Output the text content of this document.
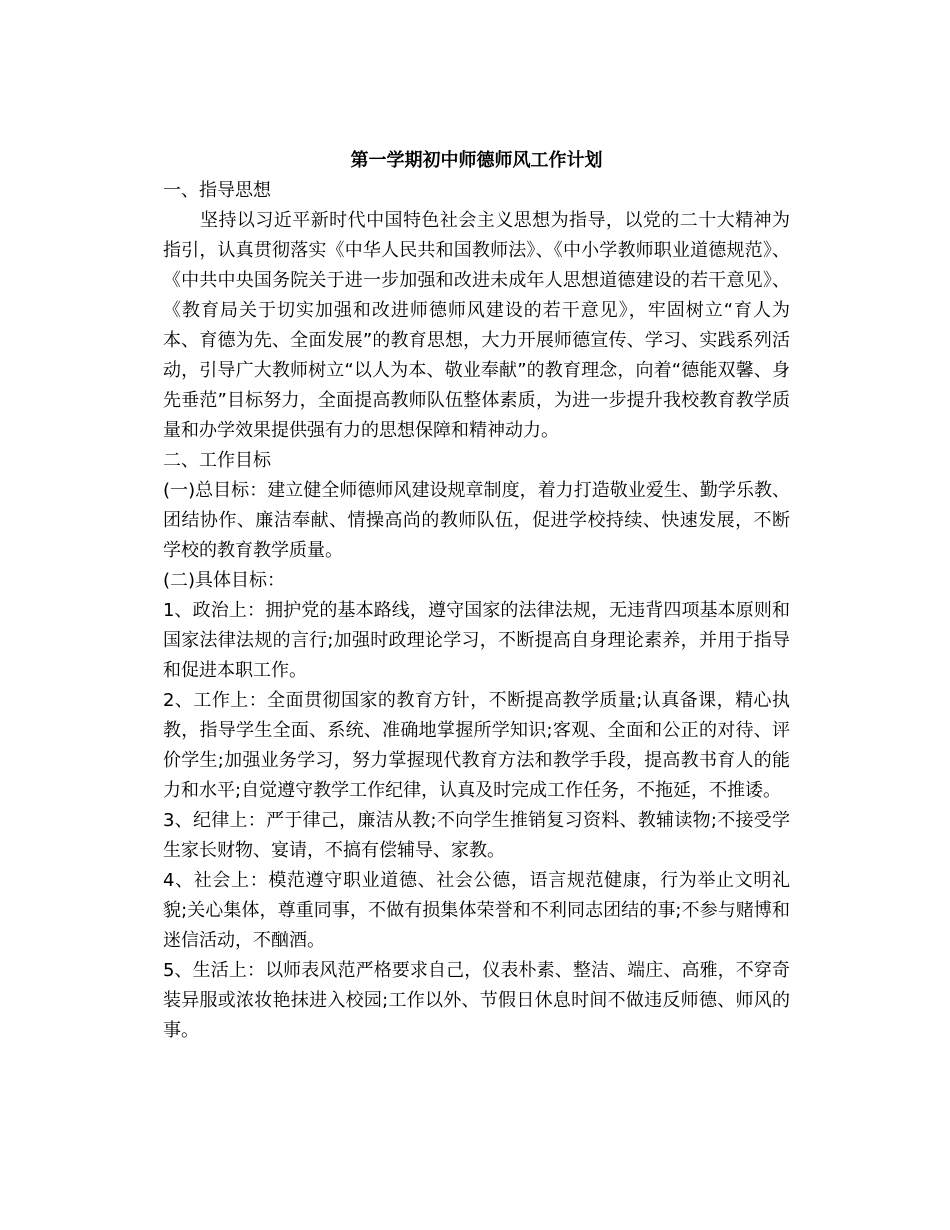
第一学期初中师德师风工作计划

一、指导思想

坚持以习近平新时代中国特色社会主义思想为指导，以党的二十大精神为指引，认真贯彻落实《中华人民共和国教师法》、《中小学教师职业道德规范》、《中共中央国务院关于进一步加强和改进未成年人思想道德建设的若干意见》、《教育局关于切实加强和改进师德师风建设的若干意见》，牢固树立“育人为本、育德为先、全面发展”的教育思想，大力开展师德宣传、学习、实践系列活动，引导广大教师树立“以人为本、敬业奉献”的教育理念，向着“德能双馨、身先垂范”目标努力，全面提高教师队伍整体素质，为进一步提升我校教育教学质量和办学效果提供强有力的思想保障和精神动力。

二、工作目标

(一)总目标：建立健全师德师风建设规章制度，着力打造敬业爱生、勤学乐教、团结协作、廉洁奉献、情操高尚的教师队伍，促进学校持续、快速发展，不断学校的教育教学质量。

(二)具体目标：

1、政治上：拥护党的基本路线，遵守国家的法律法规，无违背四项基本原则和国家法律法规的言行;加强时政理论学习，不断提高自身理论素养，并用于指导和促进本职工作。

2、工作上：全面贯彻国家的教育方针，不断提高教学质量;认真备课，精心执教，指导学生全面、系统、准确地掌握所学知识;客观、全面和公正的对待、评价学生;加强业务学习，努力掌握现代教育方法和教学手段，提高教书育人的能力和水平;自觉遵守教学工作纪律，认真及时完成工作任务，不拖延，不推诿。

3、纪律上：严于律己，廉洁从教;不向学生推销复习资料、教辅读物;不接受学生家长财物、宴请，不搞有偿辅导、家教。

4、社会上：模范遵守职业道德、社会公德，语言规范健康，行为举止文明礼貌;关心集体，尊重同事，不做有损集体荣誉和不利同志团结的事;不参与赌博和迷信活动，不酗酒。

5、生活上：以师表风范严格要求自己，仪表朴素、整洁、端庄、高雅，不穿奇装异服或浓妆艳抹进入校园;工作以外、节假日休息时间不做违反师德、师风的事。
